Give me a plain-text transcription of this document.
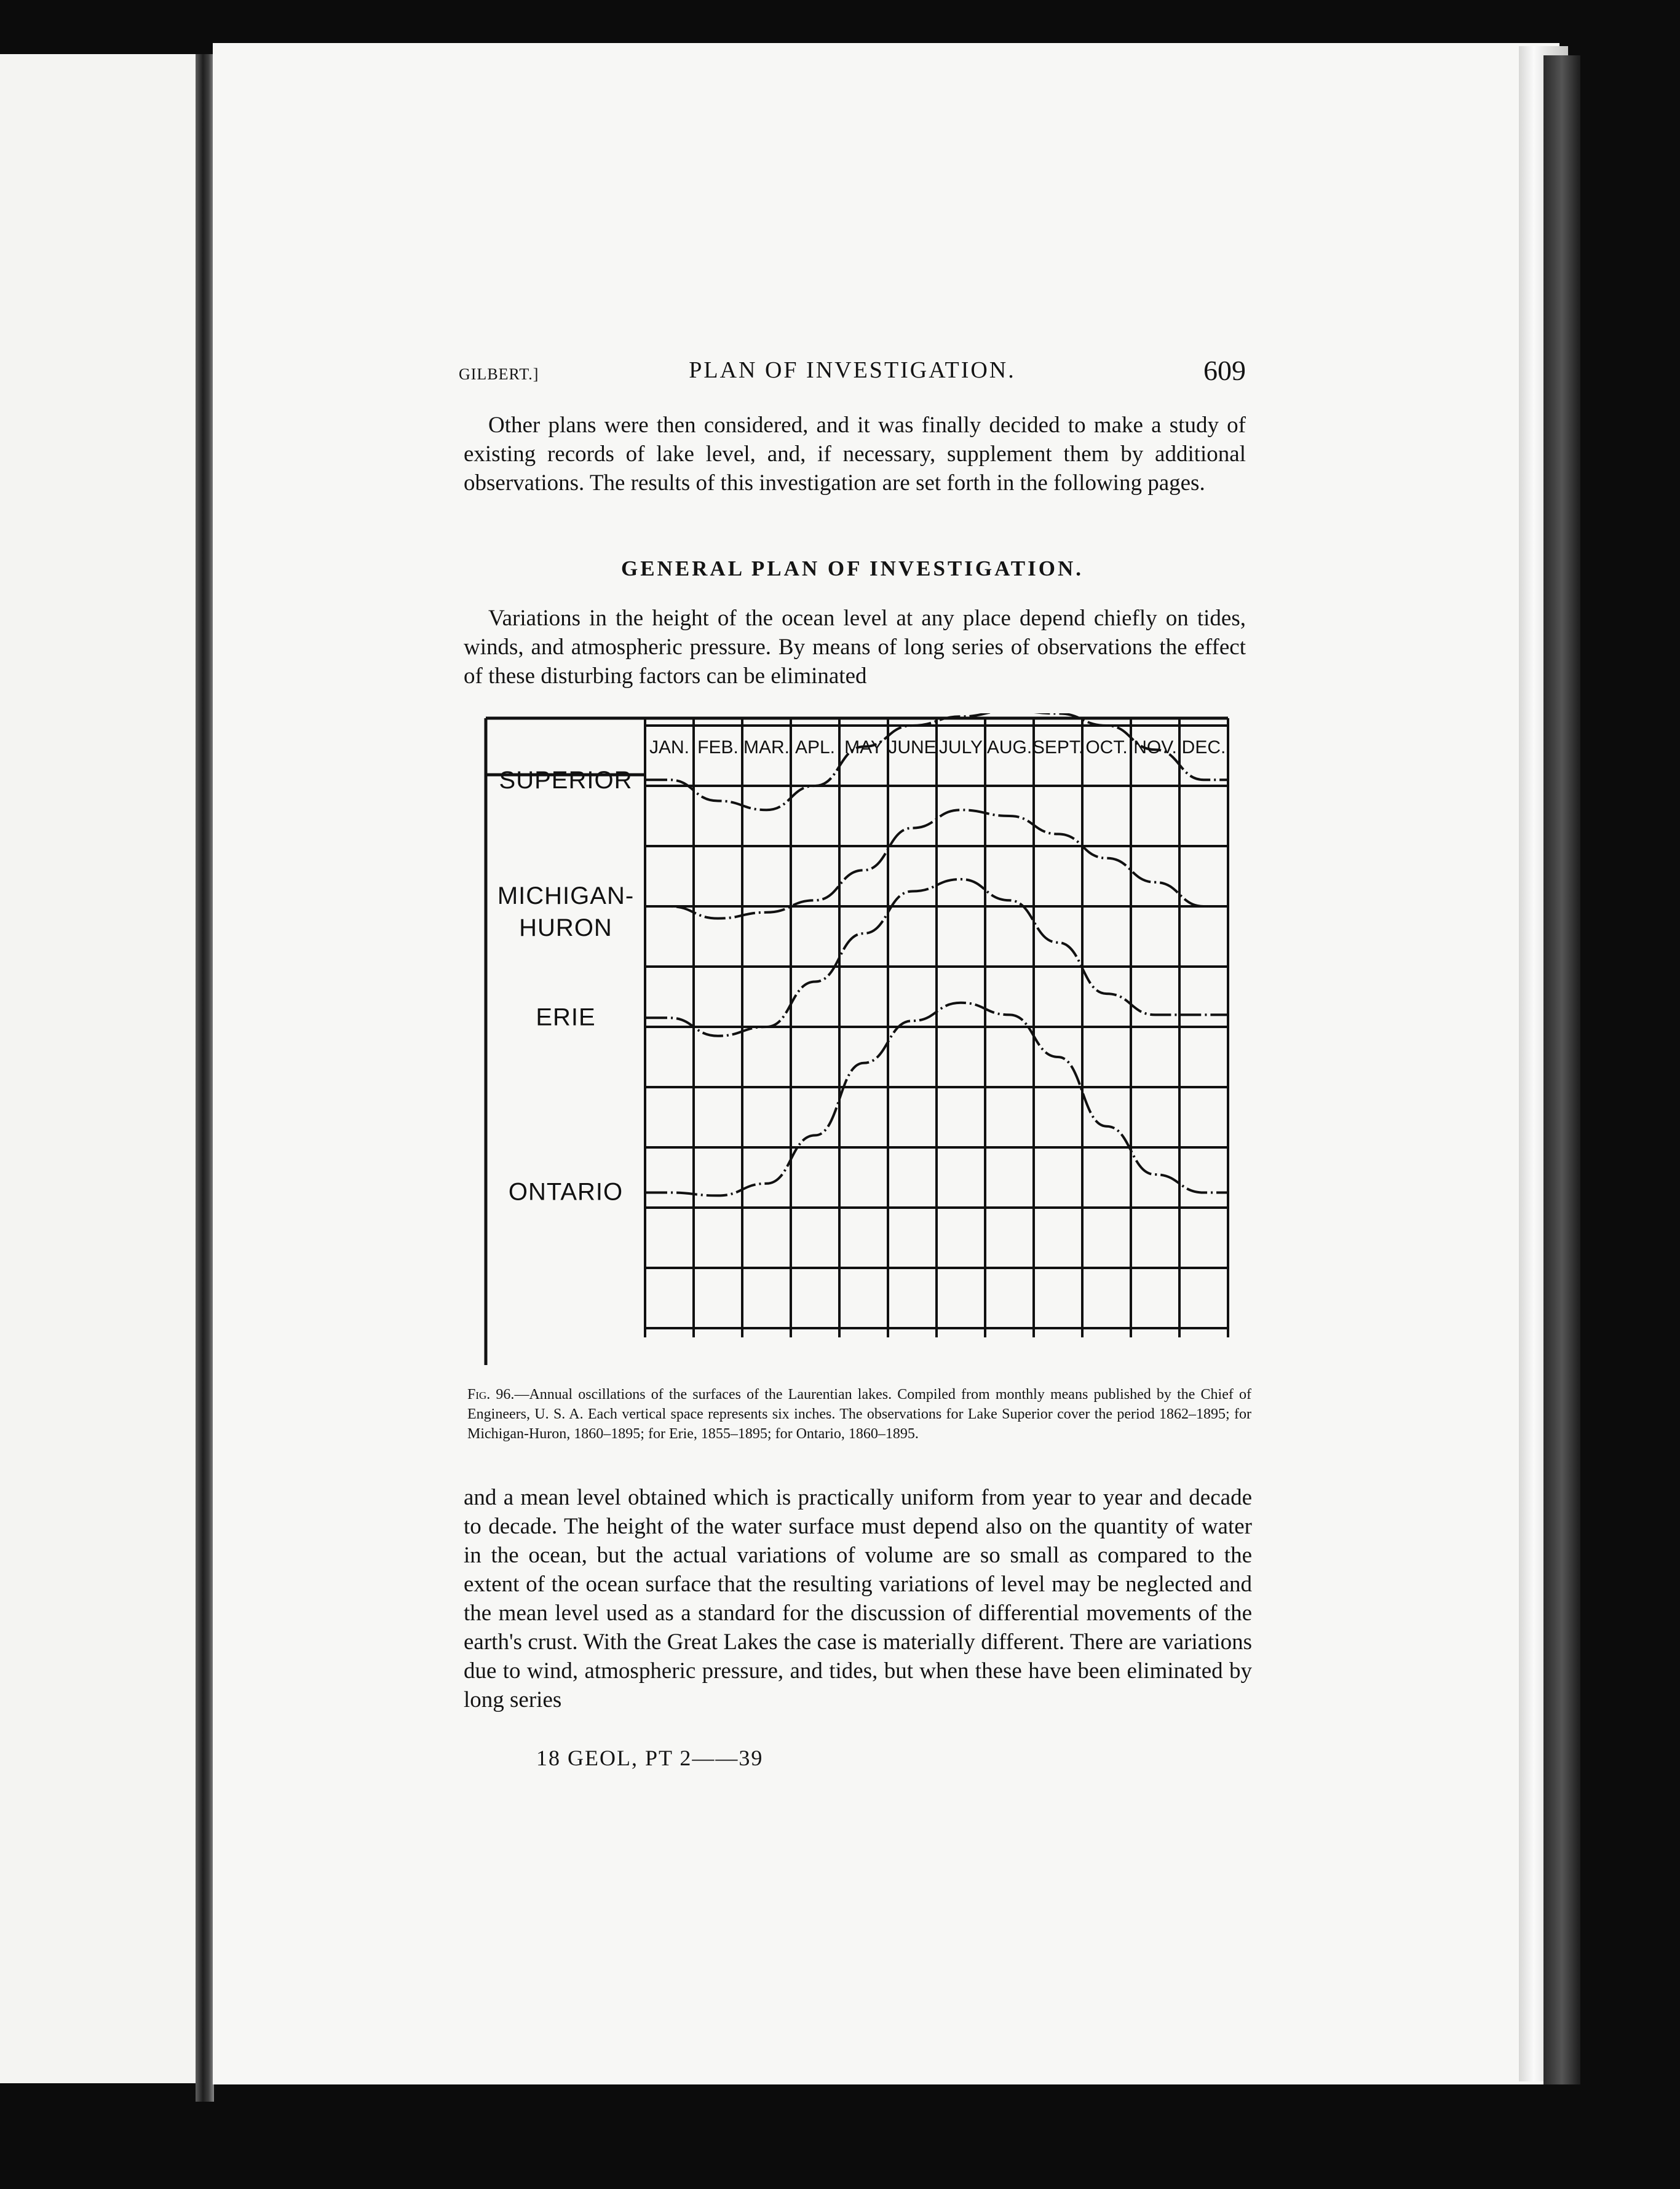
GILBERT.]	PLAN OF INVESTIGATION.	609
Other plans were then considered, and it was finally decided to make a study of existing records of lake level, and, if necessary, supplement them by additional observations. The results of this investigation are set forth in the following pages.
GENERAL PLAN OF INVESTIGATION.
Variations in the height of the ocean level at any place depend chiefly on tides, winds, and atmospheric pressure. By means of long series of observations the effect of these disturbing factors can be eliminated
JAN. FEB. MAR. APL. MAY JUNE JULY AUG. SEPT. OCT. NOV. DEC.
SUPERIOR
MICHIGAN-
HURON
ERIE
ONTARIO
Fig. 96.—Annual oscillations of the surfaces of the Laurentian lakes. Compiled from monthly means published by the Chief of Engineers, U. S. A. Each vertical space represents six inches. The observations for Lake Superior cover the period 1862–1895; for Michigan-Huron, 1860–1895; for Erie, 1855–1895; for Ontario, 1860–1895.
and a mean level obtained which is practically uniform from year to year and decade to decade. The height of the water surface must depend also on the quantity of water in the ocean, but the actual variations of volume are so small as compared to the extent of the ocean surface that the resulting variations of level may be neglected and the mean level used as a standard for the discussion of differential movements of the earth's crust. With the Great Lakes the case is materially different. There are variations due to wind, atmospheric pressure, and tides, but when these have been eliminated by long series
18 GEOL, PT 2——39
